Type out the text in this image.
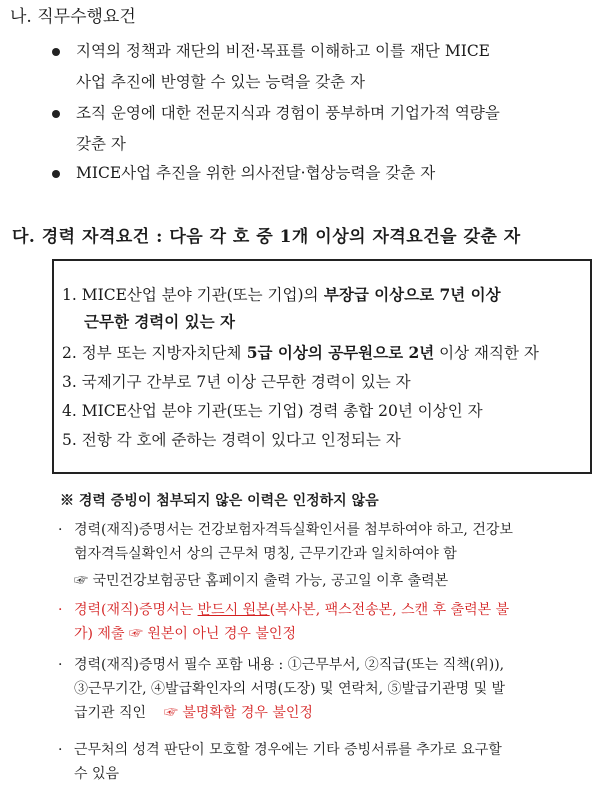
나. 직무수행요건
지역의 정책과 재단의 비전·목표를 이해하고 이를 재단 MICE
사업 추진에 반영할 수 있는 능력을 갖춘 자
조직 운영에 대한 전문지식과 경험이 풍부하며 기업가적 역량을
갖춘 자
MICE사업 추진을 위한 의사전달·협상능력을 갖춘 자
다. 경력 자격요건 : 다음 각 호 중 1개 이상의 자격요건을 갖춘 자
1. MICE산업 분야 기관(또는 기업)의 부장급 이상으로 7년 이상
근무한 경력이 있는 자
2. 정부 또는 지방자치단체 5급 이상의 공무원으로 2년 이상 재직한 자
3. 국제기구 간부로 7년 이상 근무한 경력이 있는 자
4. MICE산업 분야 기관(또는 기업) 경력 총합 20년 이상인 자
5. 전항 각 호에 준하는 경력이 있다고 인정되는 자
※ 경력 증빙이 첨부되지 않은 이력은 인정하지 않음
· 경력(재직)증명서는 건강보험자격득실확인서를 첨부하여야 하고, 건강보
험자격득실확인서 상의 근무처 명칭, 근무기간과 일치하여야 함
☞ 국민건강보험공단 홈페이지 출력 가능, 공고일 이후 출력본
· 경력(재직)증명서는 반드시 원본(복사본, 팩스전송본, 스캔 후 출력본 불
가) 제출 ☞ 원본이 아닌 경우 불인정
· 경력(재직)증명서 필수 포함 내용 : ①근무부서, ②직급(또는 직책(위)),
③근무기간, ④발급확인자의 서명(도장) 및 연락처, ⑤발급기관명 및 발
급기관 직인 ☞ 불명확할 경우 불인정
· 근무처의 성격 판단이 모호할 경우에는 기타 증빙서류를 추가로 요구할
수 있음
